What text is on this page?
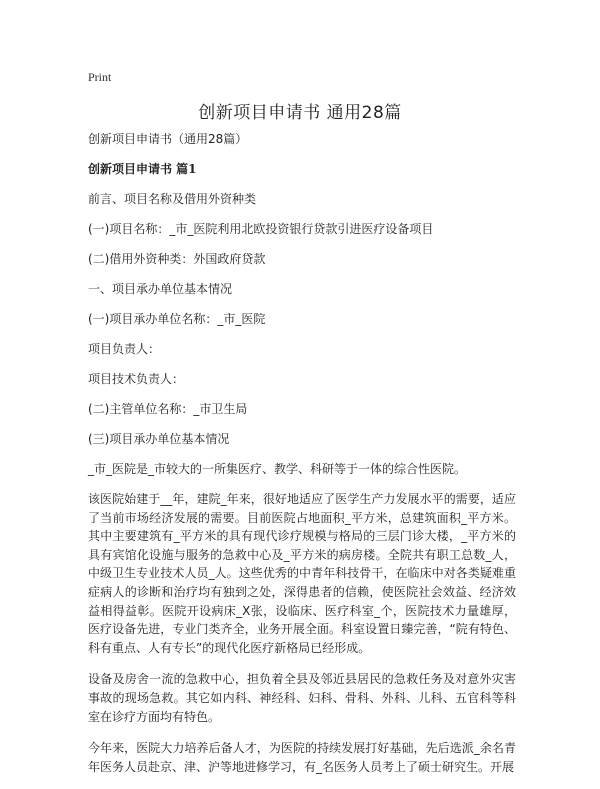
Print
创新项目申请书 通用28篇

创新项目申请书（通用28篇）

创新项目申请书 篇1

前言、项目名称及借用外资种类

(一)项目名称：_市_医院利用北欧投资银行贷款引进医疗设备项目

(二)借用外资种类：外国政府贷款

一、项目承办单位基本情况

(一)项目承办单位名称：_市_医院

项目负责人：

项目技术负责人：

(二)主管单位名称：_市卫生局

(三)项目承办单位基本情况

_市_医院是_市较大的一所集医疗、教学、科研等于一体的综合性医院。

该医院始建于__年，建院_年来，很好地适应了医学生产力发展水平的需要，适应了当前市场经济发展的需要。目前医院占地面积_平方米，总建筑面积_平方米。其中主要建筑有_平方米的具有现代诊疗规模与格局的三层门诊大楼，_平方米的具有宾馆化设施与服务的急救中心及_平方米的病房楼。全院共有职工总数_人，中级卫生专业技术人员_人。这些优秀的中青年科技骨干，在临床中对各类疑难重症病人的诊断和治疗均有独到之处，深得患者的信赖，使医院社会效益、经济效益相得益彰。医院开设病床_X张，设临床、医疗科室_个，医院技术力量雄厚，医疗设备先进，专业门类齐全，业务开展全面。科室设置日臻完善，“院有特色、科有重点、人有专长”的现代化医疗新格局已经形成。

设备及房舍一流的急救中心，担负着全县及邻近县居民的急救任务及对意外灾害事故的现场急救。其它如内科、神经科、妇科、骨科、外科、儿科、五官科等科室在诊疗方面均有特色。

今年来，医院大力培养后备人才，为医院的持续发展打好基础，先后选派_余名青年医务人员赴京、津、沪等地进修学习，有_名医务人员考上了硕士研究生。开展
